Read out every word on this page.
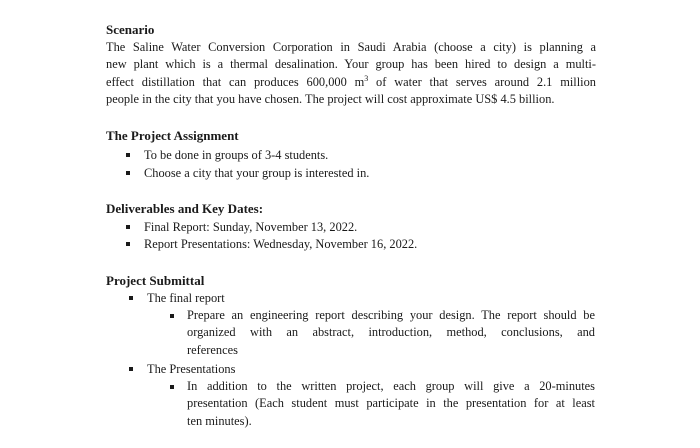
Scenario
The Saline Water Conversion Corporation in Saudi Arabia (choose a city) is planning a
new plant which is a thermal desalination. Your group has been hired to design a multi-
effect distillation that can produces 600,000 $m^3$ of water that serves around 2.1 million
people in the city that you have chosen. The project will cost approximate US$ 4.5 billion.
The Project Assignment
To be done in groups of 3-4 students.
Choose a city that your group is interested in.
Deliverables and Key Dates:
Final Report: Sunday, November 13, 2022.
Report Presentations: Wednesday, November 16, 2022.
Project Submittal
The final report
Prepare an engineering report describing your design. The report should be
organized with an abstract, introduction, method, conclusions, and
references
The Presentations
In addition to the written project, each group will give a 20-minutes
presentation (Each student must participate in the presentation for at least
ten minutes).
